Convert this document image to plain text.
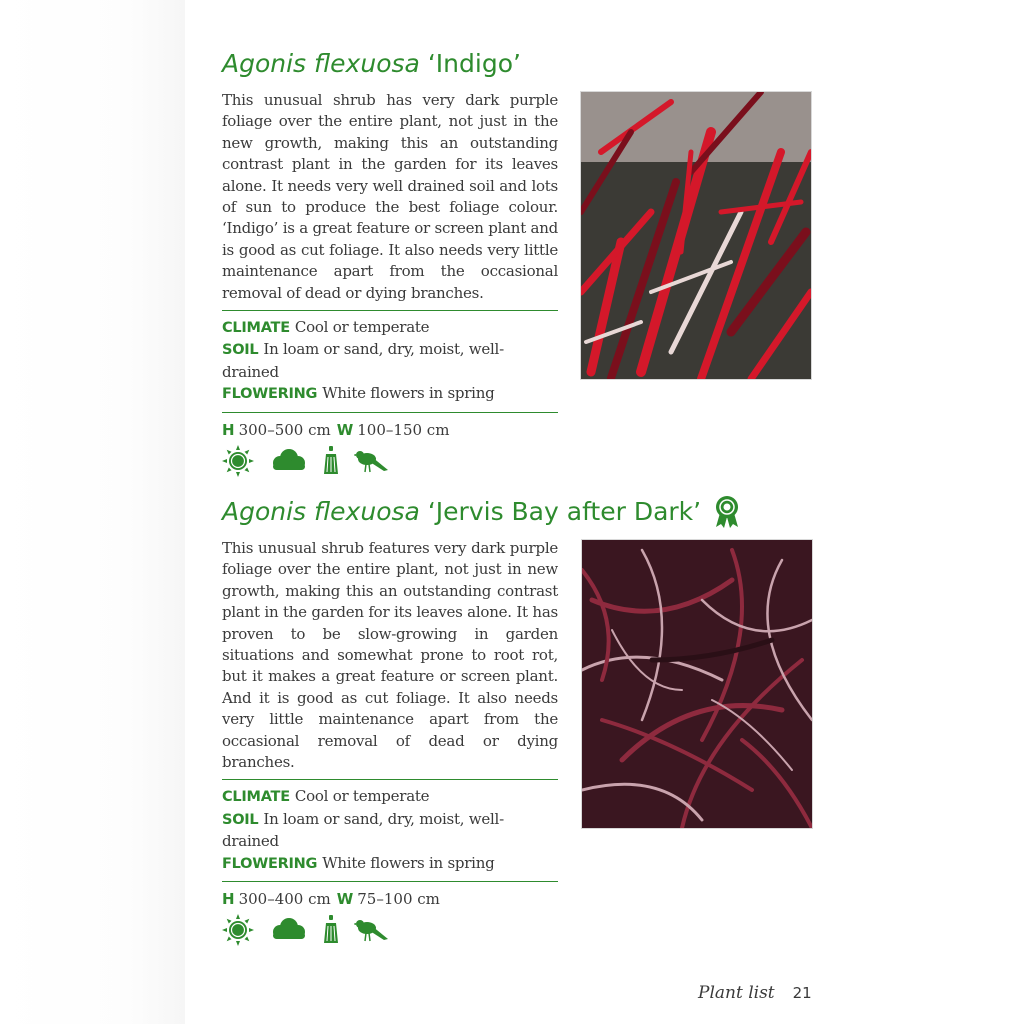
Agonis flexuosa ‘Indigo’

This unusual shrub has very dark purple foliage over the entire plant, not just in the new growth, making this an outstanding contrast plant in the garden for its leaves alone. It needs very well drained soil and lots of sun to produce the best foliage colour. ‘Indigo’ is a great feature or screen plant and is good as cut foliage. It also needs very little maintenance apart from the occasional removal of dead or dying branches.

CLIMATE Cool or temperate
SOIL In loam or sand, dry, moist, well-drained
FLOWERING White flowers in spring
H 300–500 cm W 100–150 cm
Agonis flexuosa ‘Jervis Bay after Dark’

This unusual shrub features very dark purple foliage over the entire plant, not just in new growth, making this an outstanding contrast plant in the garden for its leaves alone. It has proven to be slow-growing in garden situations and somewhat prone to root rot, but it makes a great feature or screen plant. And it is good as cut foliage. It also needs very little maintenance apart from the occasional removal of dead or dying branches.

CLIMATE Cool or temperate
SOIL In loam or sand, dry, moist, well-drained
FLOWERING White flowers in spring
H 300–400 cm W 75–100 cm
Plant list 21
